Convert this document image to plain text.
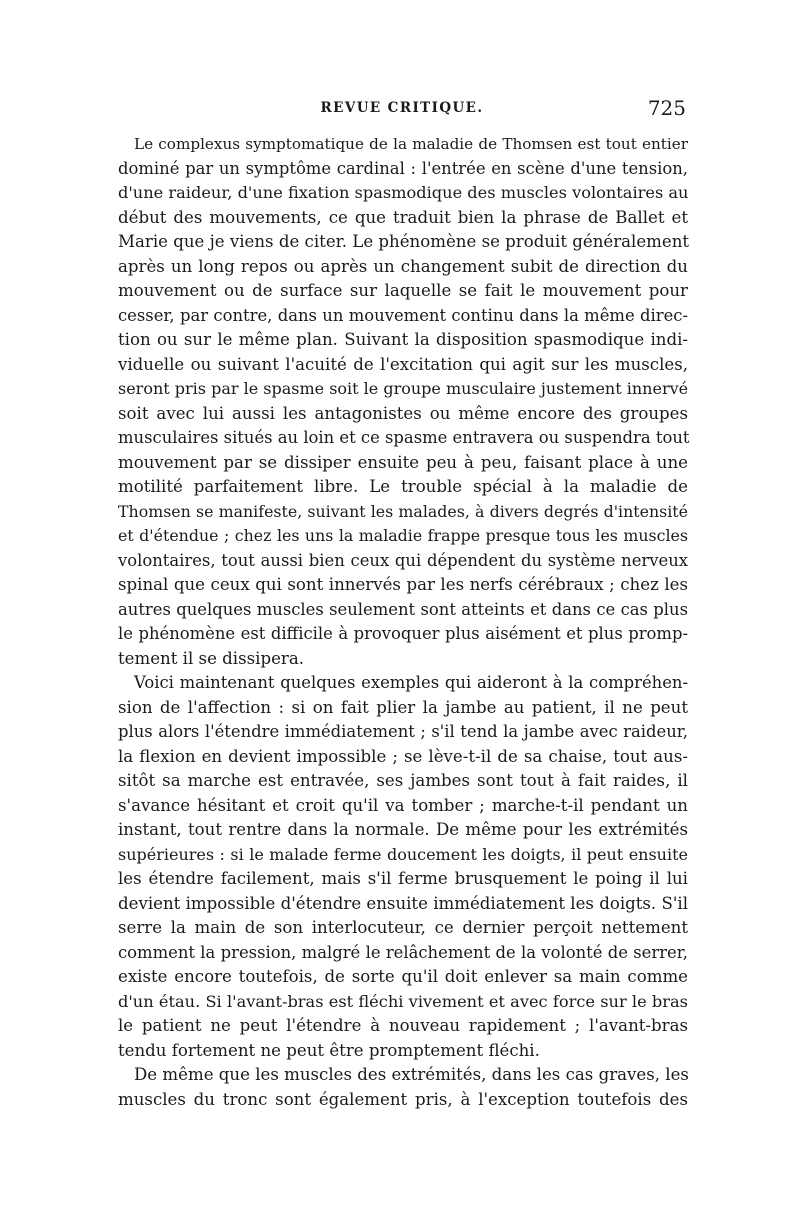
REVUE CRITIQUE.	725
Le complexus symptomatique de la maladie de Thomsen est tout entier
dominé par un symptôme cardinal : l'entrée en scène d'une tension,
d'une raideur, d'une fixation spasmodique des muscles volontaires au
début des mouvements, ce que traduit bien la phrase de Ballet et
Marie que je viens de citer. Le phénomène se produit généralement
après un long repos ou après un changement subit de direction du
mouvement ou de surface sur laquelle se fait le mouvement pour
cesser, par contre, dans un mouvement continu dans la même direc-
tion ou sur le même plan. Suivant la disposition spasmodique indi-
viduelle ou suivant l'acuité de l'excitation qui agit sur les muscles,
seront pris par le spasme soit le groupe musculaire justement innervé
soit avec lui aussi les antagonistes ou même encore des groupes
musculaires situés au loin et ce spasme entravera ou suspendra tout
mouvement par se dissiper ensuite peu à peu, faisant place à une
motilité parfaitement libre. Le trouble spécial à la maladie de
Thomsen se manifeste, suivant les malades, à divers degrés d'intensité
et d'étendue ; chez les uns la maladie frappe presque tous les muscles
volontaires, tout aussi bien ceux qui dépendent du système nerveux
spinal que ceux qui sont innervés par les nerfs cérébraux ; chez les
autres quelques muscles seulement sont atteints et dans ce cas plus
le phénomène est difficile à provoquer plus aisément et plus promp-
tement il se dissipera.
Voici maintenant quelques exemples qui aideront à la compréhen-
sion de l'affection : si on fait plier la jambe au patient, il ne peut
plus alors l'étendre immédiatement ; s'il tend la jambe avec raideur,
la flexion en devient impossible ; se lève-t-il de sa chaise, tout aus-
sitôt sa marche est entravée, ses jambes sont tout à fait raides, il
s'avance hésitant et croit qu'il va tomber ; marche-t-il pendant un
instant, tout rentre dans la normale. De même pour les extrémités
supérieures : si le malade ferme doucement les doigts, il peut ensuite
les étendre facilement, mais s'il ferme brusquement le poing il lui
devient impossible d'étendre ensuite immédiatement les doigts. S'il
serre la main de son interlocuteur, ce dernier perçoit nettement
comment la pression, malgré le relâchement de la volonté de serrer,
existe encore toutefois, de sorte qu'il doit enlever sa main comme
d'un étau. Si l'avant-bras est fléchi vivement et avec force sur le bras
le patient ne peut l'étendre à nouveau rapidement ; l'avant-bras
tendu fortement ne peut être promptement fléchi.
De même que les muscles des extrémités, dans les cas graves, les
muscles du tronc sont également pris, à l'exception toutefois des
